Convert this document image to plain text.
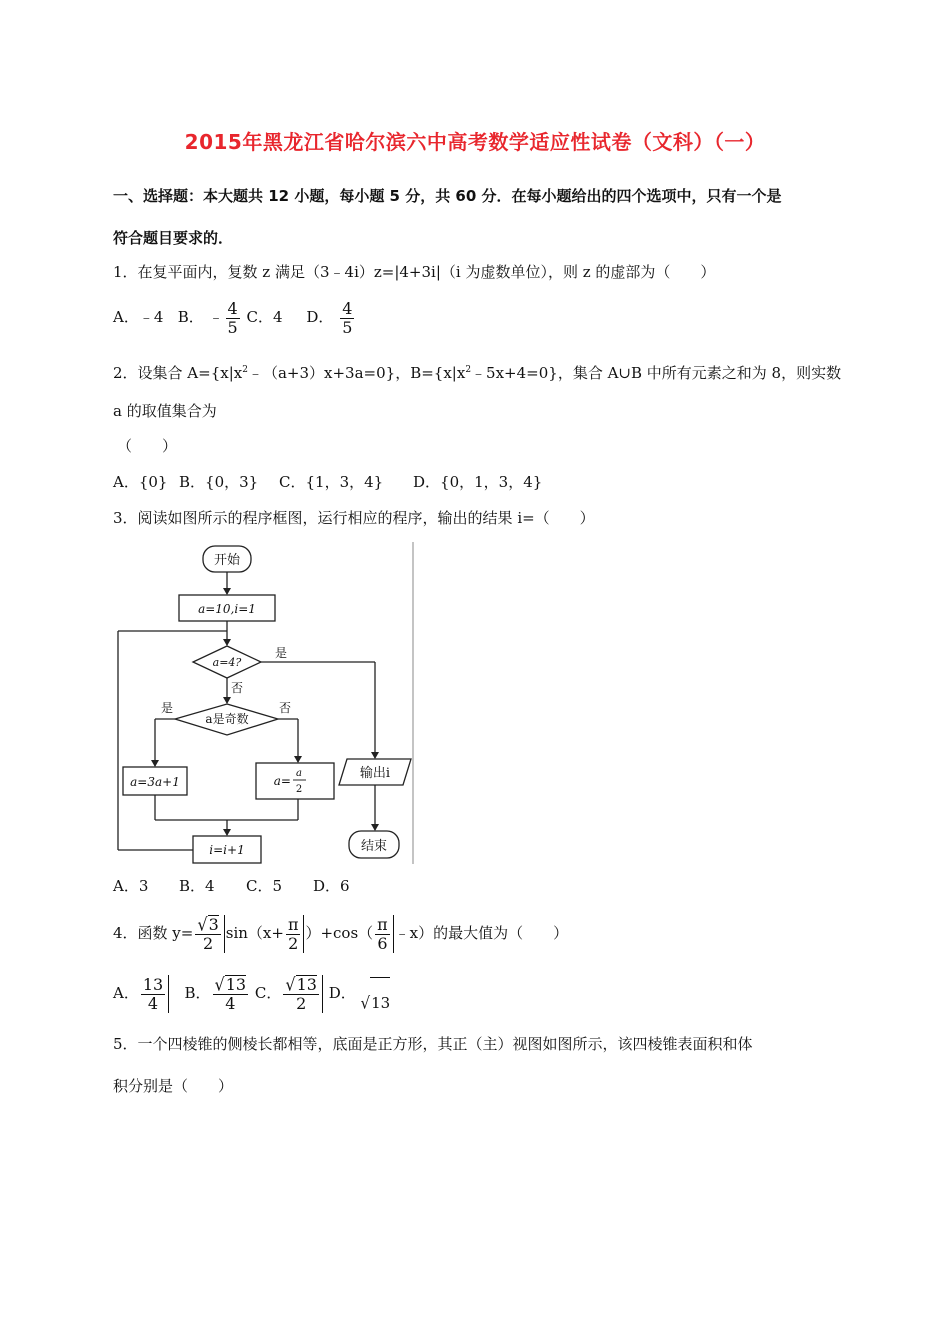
2015年黑龙江省哈尔滨六中高考数学适应性试卷（文科）（一）
一、选择题：本大题共 12 小题，每小题 5 分，共 60 分．在每小题给出的四个选项中，只有一个是
符合题目要求的．
1．在复平面内，复数 z 满足（3﹣4i）z=|4+3i|（i 为虚数单位），则 z 的虚部为（　　）
A．﹣4 B． ﹣ $\frac{4}{5}$ C．4 D． $\frac{4}{5}$
2．设集合 $A=\{x|x^2﹣(a+3)x+3a=0\}$，$B=\{x|x^2﹣5x+4=0\}$，集合 A∪B 中所有元素之和为 8，则实数
a 的取值集合为
（　　）
A．{0} B．{0，3} C．{1，3，4} D．{0，1，3，4}
3．阅读如图所示的程序框图，运行相应的程序，输出的结果 i=（　　）
开始
a=10,i=1
a=4?
是
否
a是奇数
是	否
a=3a+1	a=
a
2
i=i+1
输出i
结束
A．3 B．4 C．5 D．6
4．函数 $y= \frac{√3}{2} \sin(x+ \frac{\pi}{2} )+\cos( \frac{\pi}{6}$ ﹣x）的最大值为（　　）
A． $\frac{13}{4}$ B． $\frac{√13}{4}$ C． $\frac{√13}{2}$ D． √13
5．一个四棱锥的侧棱长都相等，底面是正方形，其正（主）视图如图所示，该四棱锥表面积和体
积分别是（　　）
